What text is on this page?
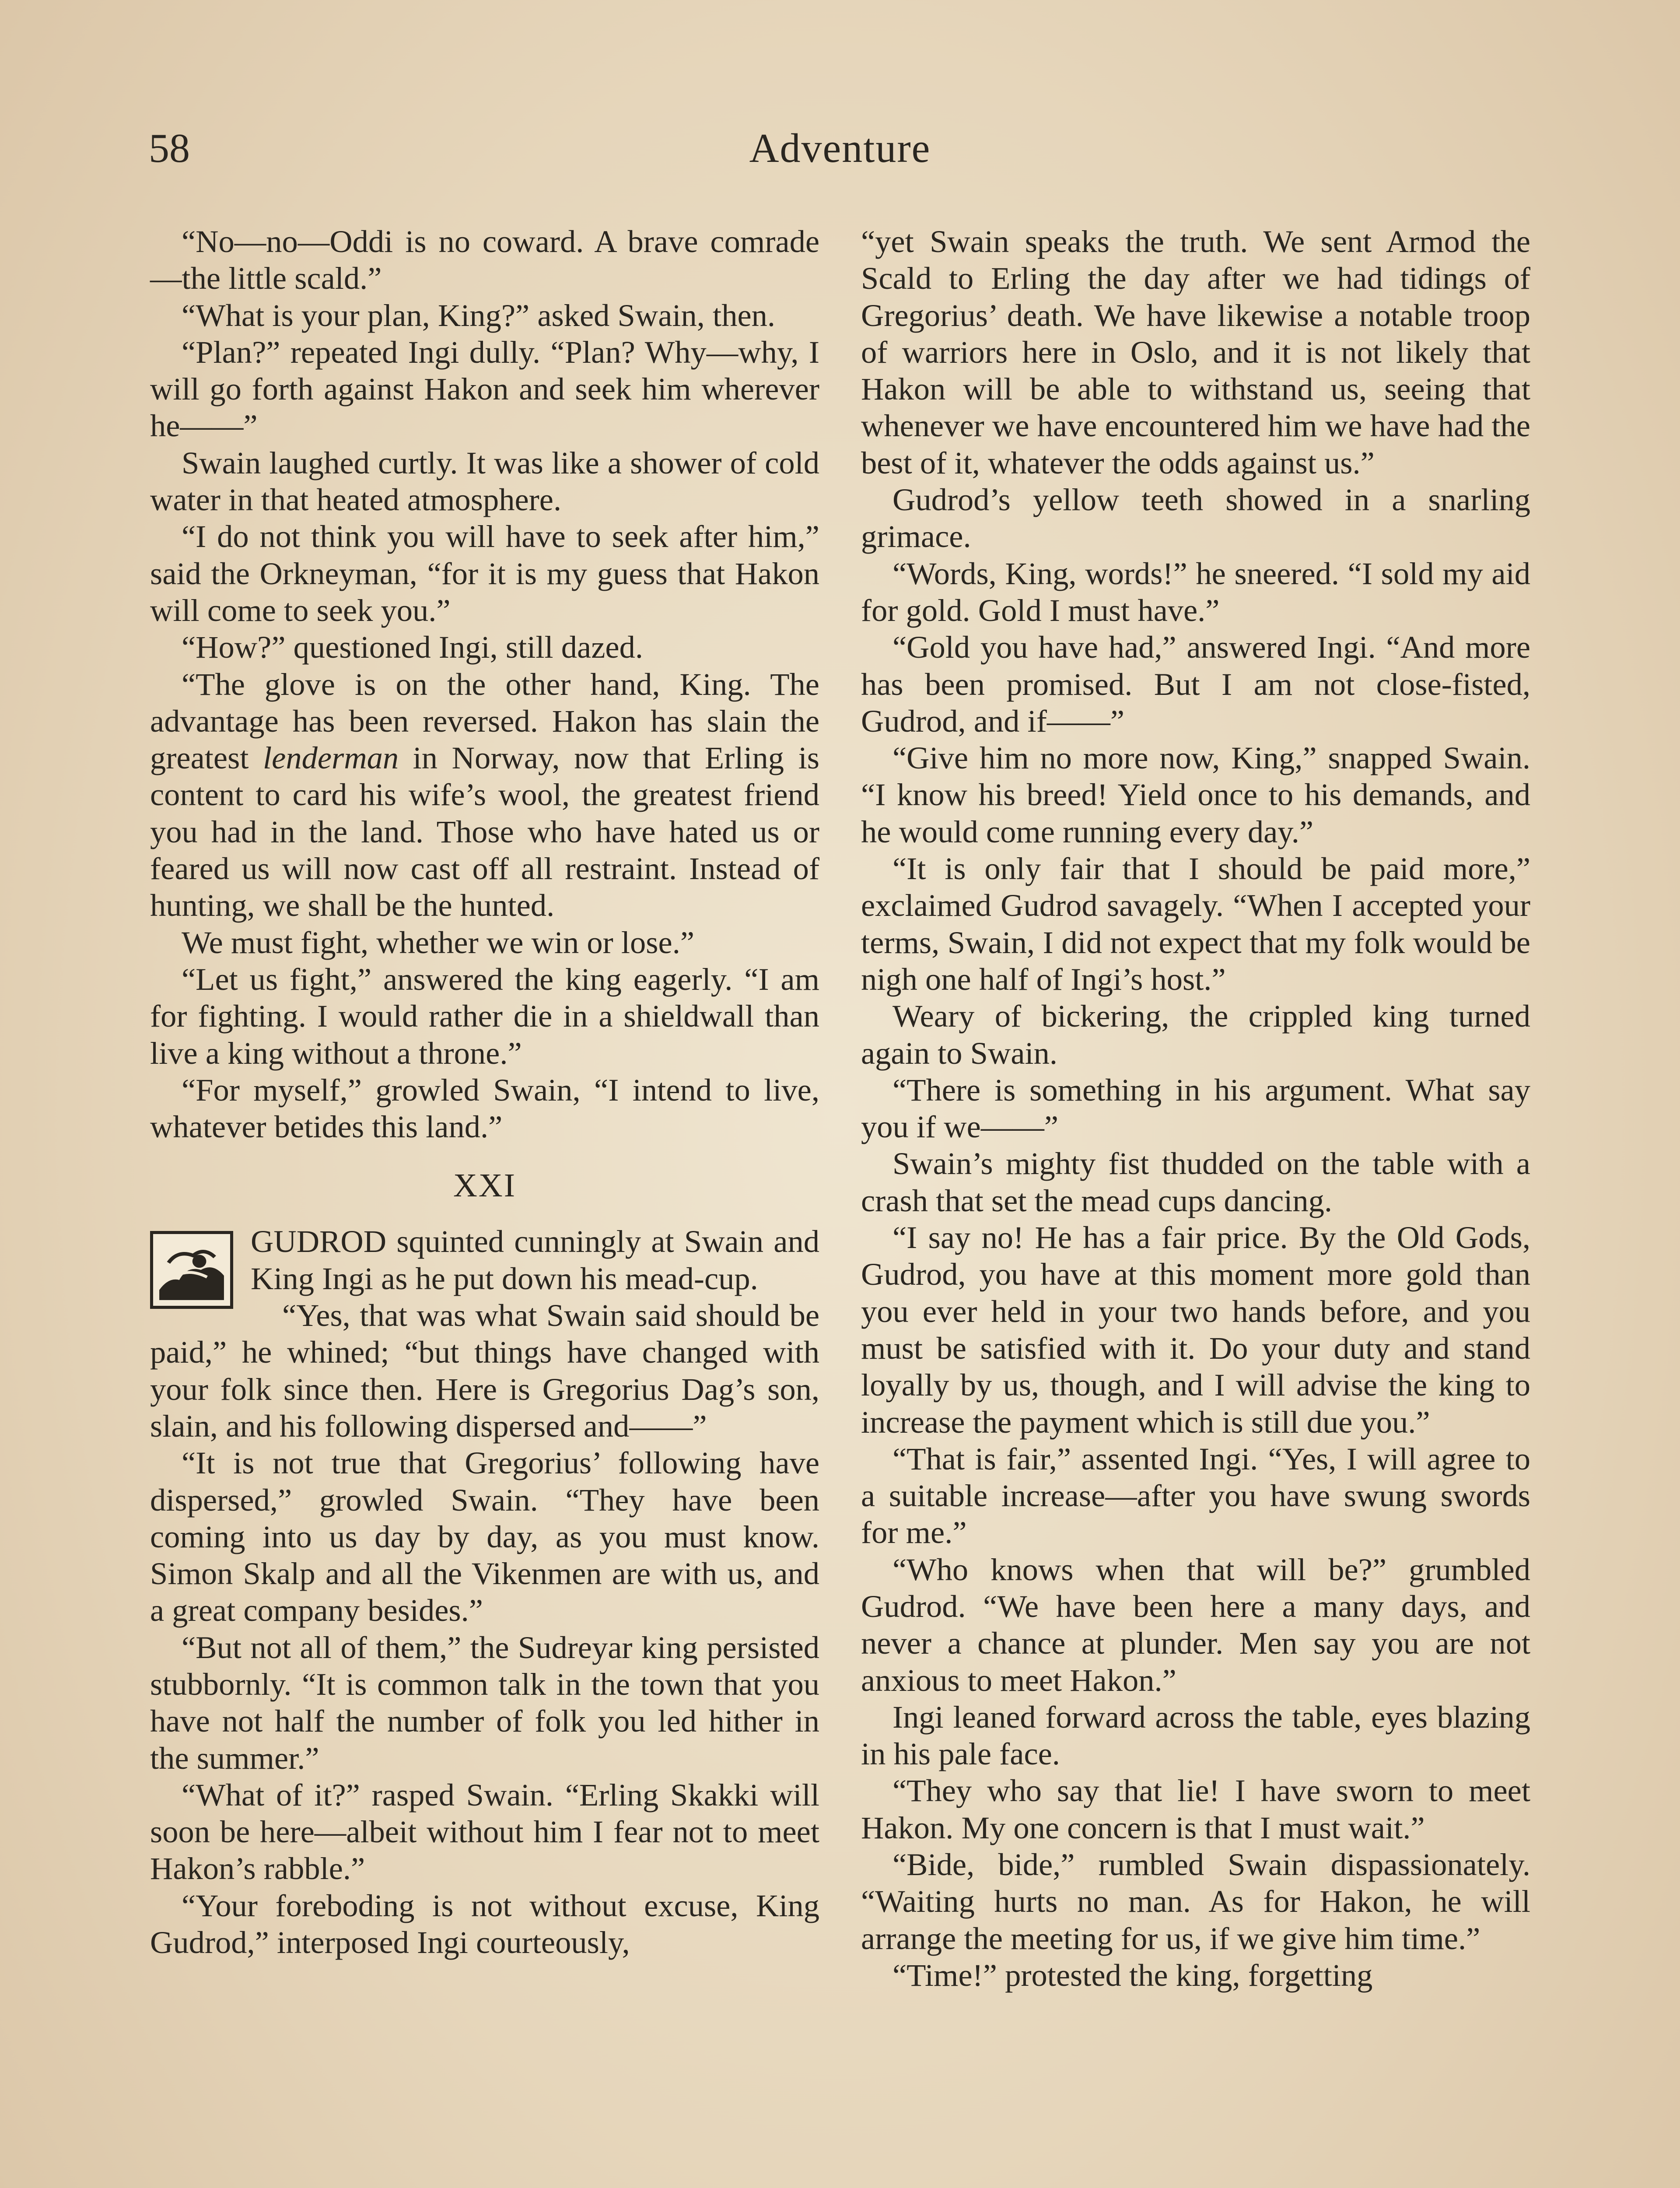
58	Adventure

“No—no—Oddi is no coward. A brave comrade—the little scald.”

“What is your plan, King?” asked Swain, then.

“Plan?” repeated Ingi dully. “Plan? Why—why, I will go forth against Hakon and seek him wherever he——”

Swain laughed curtly. It was like a shower of cold water in that heated atmosphere.

“I do not think you will have to seek after him,” said the Orkneyman, “for it is my guess that Hakon will come to seek you.”

“How?” questioned Ingi, still dazed.

“The glove is on the other hand, King. The advantage has been reversed. Hakon has slain the greatest lenderman in Norway, now that Erling is content to card his wife’s wool, the greatest friend you had in the land. Those who have hated us or feared us will now cast off all restraint. Instead of hunting, we shall be the hunted.

We must fight, whether we win or lose.”

“Let us fight,” answered the king eagerly. “I am for fighting. I would rather die in a shieldwall than live a king without a throne.”

“For myself,” growled Swain, “I intend to live, whatever betides this land.”

XXI

GUDROD squinted cunningly at Swain and King Ingi as he put down his mead-cup.

“Yes, that was what Swain said should be paid,” he whined; “but things have changed with your folk since then. Here is Gregorius Dag’s son, slain, and his following dispersed and——”

“It is not true that Gregorius’ following have dispersed,” growled Swain. “They have been coming into us day by day, as you must know. Simon Skalp and all the Vikenmen are with us, and a great company besides.”

“But not all of them,” the Sudreyar king persisted stubbornly. “It is common talk in the town that you have not half the number of folk you led hither in the summer.”

“What of it?” rasped Swain. “Erling Skakki will soon be here—albeit without him I fear not to meet Hakon’s rabble.”

“Your foreboding is not without excuse, King Gudrod,” interposed Ingi courteously,

“yet Swain speaks the truth. We sent Armod the Scald to Erling the day after we had tidings of Gregorius’ death. We have likewise a notable troop of warriors here in Oslo, and it is not likely that Hakon will be able to withstand us, seeing that whenever we have encountered him we have had the best of it, whatever the odds against us.”

Gudrod’s yellow teeth showed in a snarling grimace.

“Words, King, words!” he sneered. “I sold my aid for gold. Gold I must have.”

“Gold you have had,” answered Ingi. “And more has been promised. But I am not close-fisted, Gudrod, and if——”

“Give him no more now, King,” snapped Swain. “I know his breed! Yield once to his demands, and he would come running every day.”

“It is only fair that I should be paid more,” exclaimed Gudrod savagely. “When I accepted your terms, Swain, I did not expect that my folk would be nigh one half of Ingi’s host.”

Weary of bickering, the crippled king turned again to Swain.

“There is something in his argument. What say you if we——”

Swain’s mighty fist thudded on the table with a crash that set the mead cups dancing.

“I say no! He has a fair price. By the Old Gods, Gudrod, you have at this moment more gold than you ever held in your two hands before, and you must be satisfied with it. Do your duty and stand loyally by us, though, and I will advise the king to increase the payment which is still due you.”

“That is fair,” assented Ingi. “Yes, I will agree to a suitable increase—after you have swung swords for me.”

“Who knows when that will be?” grumbled Gudrod. “We have been here a many days, and never a chance at plunder. Men say you are not anxious to meet Hakon.”

Ingi leaned forward across the table, eyes blazing in his pale face.

“They who say that lie! I have sworn to meet Hakon. My one concern is that I must wait.”

“Bide, bide,” rumbled Swain dispassionately. “Waiting hurts no man. As for Hakon, he will arrange the meeting for us, if we give him time.”

“Time!” protested the king, forgetting
